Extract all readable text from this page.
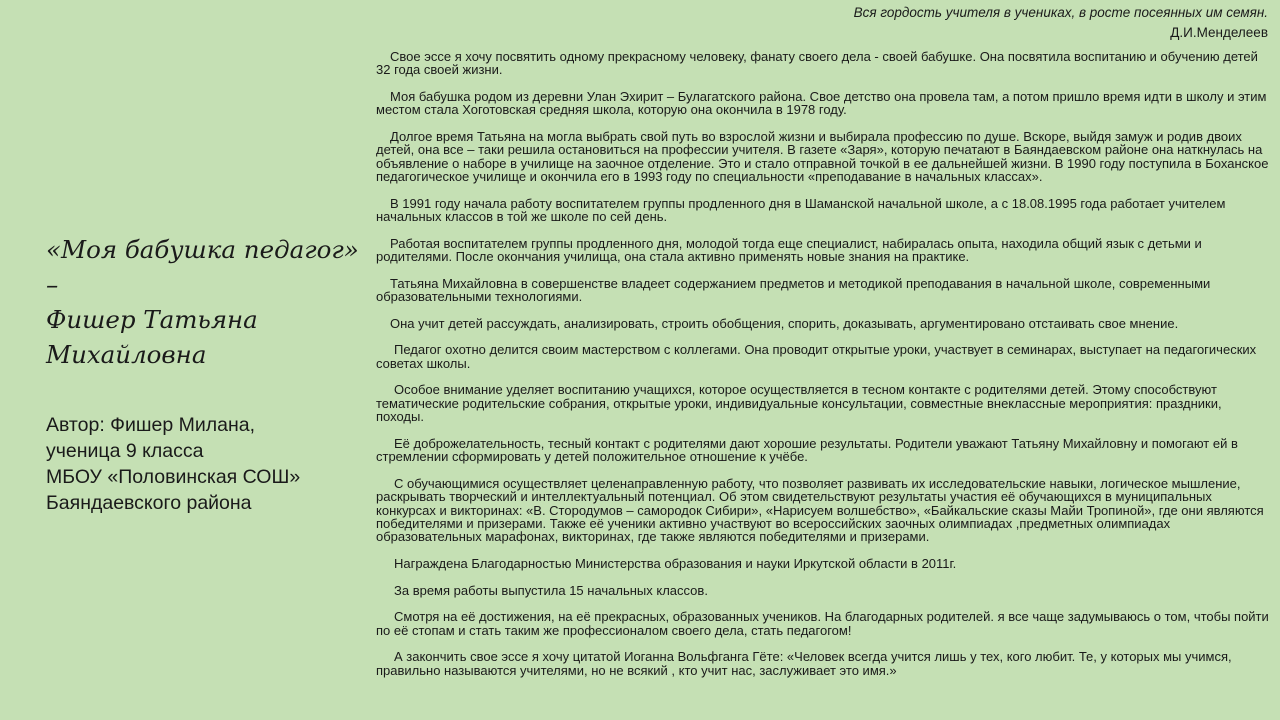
Вся гордость учителя в учениках, в росте посеянных им семян.
Д.И.Менделеев
«Моя бабушка педагог» –
Фишер Татьяна
Михайловна
Автор: Фишер Милана,
ученица 9 класса
МБОУ «Половинская СОШ»
Баяндаевского района

Свое эссе я хочу посвятить одному прекрасному человеку, фанату своего дела - своей бабушке. Она посвятила воспитанию и обучению детей 32 года своей жизни.

Моя бабушка родом из деревни Улан Эхирит – Булагатского района. Свое детство она провела там, а потом пришло время идти в школу и этим местом стала Хоготовская средняя школа, которую она окончила в 1978 году.

Долгое время Татьяна на могла выбрать свой путь во взрослой жизни и выбирала профессию по душе. Вскоре, выйдя замуж и родив двоих детей, она все – таки решила остановиться на профессии учителя. В газете «Заря», которую печатают в Баяндаевском районе она наткнулась на объявление о наборе в училище на заочное отделение. Это и стало отправной точкой в ее дальнейшей жизни. В 1990 году поступила в Боханское педагогическое училище и окончила его в 1993 году по специальности «преподавание в начальных классах».

В 1991 году начала работу воспитателем группы продленного дня в Шаманской начальной школе, а с 18.08.1995 года работает учителем начальных классов в той же школе по сей день.

Работая воспитателем группы продленного дня, молодой тогда еще специалист, набиралась опыта, находила общий язык с детьми и родителями. После окончания училища, она стала активно применять новые знания на практике.

Татьяна Михайловна в совершенстве владеет содержанием предметов и методикой преподавания в начальной школе, современными образовательными технологиями.

Она учит детей рассуждать, анализировать, строить обобщения, спорить, доказывать, аргументировано отстаивать свое мнение.

Педагог охотно делится своим мастерством с коллегами. Она проводит открытые уроки, участвует в семинарах, выступает на педагогических советах школы.

Особое внимание уделяет воспитанию учащихся, которое осуществляется в тесном контакте с родителями детей. Этому способствуют тематические родительские собрания, открытые уроки, индивидуальные консультации, совместные внеклассные мероприятия: праздники, походы.

Её доброжелательность, тесный контакт с родителями дают хорошие результаты. Родители уважают Татьяну Михайловну и помогают ей в стремлении сформировать у детей положительное отношение к учёбе.

С обучающимися осуществляет целенаправленную работу, что позволяет развивать их исследовательские навыки, логическое мышление, раскрывать творческий и интеллектуальный потенциал. Об этом свидетельствуют результаты участия её обучающихся в муниципальных конкурсах и викторинах: «В. Стородумов – самородок Сибири», «Нарисуем волшебство», «Байкальские сказы Майи Тропиной», где они являются победителями и призерами. Также её ученики активно участвуют во всероссийских заочных олимпиадах ,предметных олимпиадах образовательных марафонах, викторинах, где также являются победителями и призерами.

Награждена Благодарностью Министерства образования и науки Иркутской области в 2011г.

За время работы выпустила 15 начальных классов.

Смотря на её достижения, на её прекрасных, образованных учеников. На благодарных родителей. я все чаще задумываюсь о том, чтобы пойти по её стопам и стать таким же профессионалом своего дела, стать педагогом!

А закончить свое эссе я хочу цитатой Иоганна Вольфганга Гёте: «Человек всегда учится лишь у тех, кого любит. Те, у которых мы учимся, правильно называются учителями, но не всякий , кто учит нас, заслуживает это имя.»
